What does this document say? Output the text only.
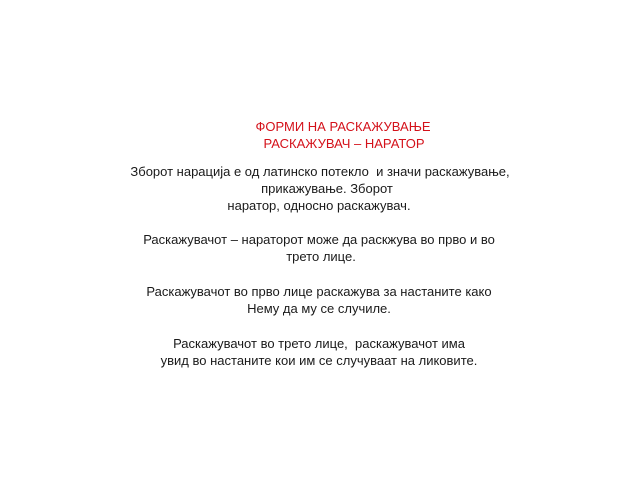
ФОРМИ НА РАСКАЖУВАЊЕ
РАСКАЖУВАЧ – НАРАТОР
Зборот нарација е од латинско потекло  и значи раскажување,
прикажување. Зборот
наратор, односно раскажувач.
Раскажувачот – нараторот може да раскжува во прво и во
трето лице.
Раскажувачот во прво лице раскажува за настаните како
Нему да му се случиле.
Раскажувачот во трето лице,  раскажувачот има
увид во настаните кои им се случуваат на ликовите.
